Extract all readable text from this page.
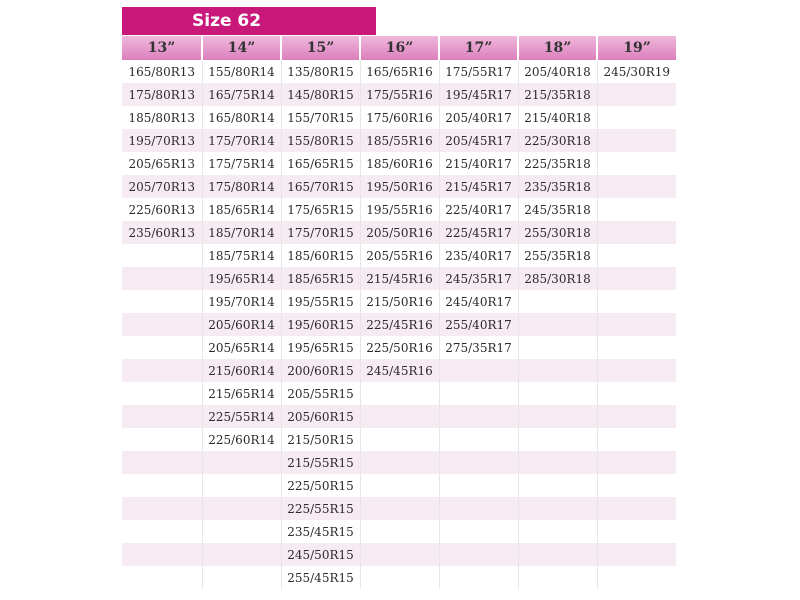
Size 62
13”	14”	15”	16”	17”	18”	19”
165/80R13	155/80R14	135/80R15	165/65R16	175/55R17	205/40R18	245/30R19
175/80R13	165/75R14	145/80R15	175/55R16	195/45R17	215/35R18	
185/80R13	165/80R14	155/70R15	175/60R16	205/40R17	215/40R18	
195/70R13	175/70R14	155/80R15	185/55R16	205/45R17	225/30R18	
205/65R13	175/75R14	165/65R15	185/60R16	215/40R17	225/35R18	
205/70R13	175/80R14	165/70R15	195/50R16	215/45R17	235/35R18	
225/60R13	185/65R14	175/65R15	195/55R16	225/40R17	245/35R18	
235/60R13	185/70R14	175/70R15	205/50R16	225/45R17	255/30R18	
	185/75R14	185/60R15	205/55R16	235/40R17	255/35R18	
	195/65R14	185/65R15	215/45R16	245/35R17	285/30R18	
	195/70R14	195/55R15	215/50R16	245/40R17		
	205/60R14	195/60R15	225/45R16	255/40R17		
	205/65R14	195/65R15	225/50R16	275/35R17		
	215/60R14	200/60R15	245/45R16			
	215/65R14	205/55R15				
	225/55R14	205/60R15				
	225/60R14	215/50R15				
		215/55R15				
		225/50R15				
		225/55R15				
		235/45R15				
		245/50R15				
		255/45R15				
